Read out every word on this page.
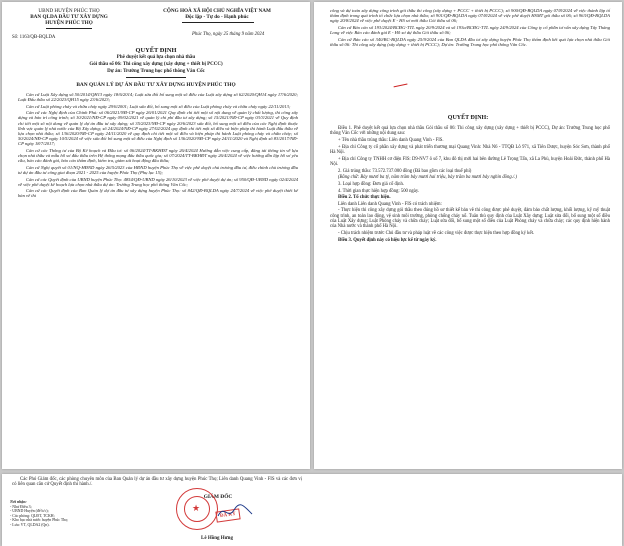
UBND HUYỆN PHÚC THỌ
BAN QLDA ĐẦU TƯ XÂY DỰNG
HUYỆN PHÚC THỌ
CỘNG HOÀ XÃ HỘI CHỦ NGHĨA VIỆT NAM
Độc lập - Tự do - Hạnh phúc
Số: 1163/QĐ-BQLDA
Phúc Thọ, ngày 25 tháng 9 năm 2024
QUYẾT ĐỊNH
Phê duyệt kết quả lựa chọn nhà thầu
Gói thầu số 06: Thi công xây dựng (xây dựng + thiết bị PCCC)
Dự án: Trường Trung học phổ thông Vân Cốc
BAN QUẢN LÝ DỰ ÁN ĐẦU TƯ XÂY DỰNG HUYỆN PHÚC THỌ

Căn cứ Luật Xây dựng số 50/2014/QH13 ngày 18/6/2014; Luật sửa đổi bổ sung một số điều của Luật xây dựng số 62/2020/QH14 ngày 17/6/2020; Luật Đấu thầu số 22/2023/QH15 ngày 23/6/2023;

Căn cứ Luật phòng cháy và chữa cháy ngày 29/6/2001; Luật sửa đổi, bổ sung một số điều của Luật phòng cháy và chữa cháy ngày 22/11/2013;

Căn cứ các Nghị định của Chính Phủ: số 06/2021/NĐ-CP ngày 26/01/2021 Quy định chi tiết một số nội dung về quản lý chất lượng, thi công xây dựng và bảo trì công trình; số 10/2021/NĐ-CP ngày 09/02/2021 về quản lý chi phí đầu tư xây dựng; số 15/2021/NĐ-CP ngày 03/3/2021 về Quy định chi tiết một số nội dung về quản lý dự án đầu tư xây dựng; số 35/2023/NĐ-CP ngày 20/6/2023 sửa đổi, bổ sung một số điều của các Nghị định thuộc lĩnh vực quản lý nhà nước của Bộ Xây dựng; số 24/2024/NĐ-CP ngày 27/02/2024 quy định chi tiết một số điều và biện pháp thi hành Luật đấu thầu về lựa chọn nhà thầu; số 136/2020/NĐ-CP ngày 24/11/2020 về quy định chi tiết một số điều và biện pháp thi hành Luật phòng cháy và chữa cháy; số 50/2024/NĐ-CP ngày 10/5/2024 về việc sửa đổi bổ sung một số điều của Nghị định số 136/2020/NĐ-CP ngày 24/11/2020 và Nghị định số 83/2017/NĐ-CP ngày 18/7/2017;

Căn cứ các Thông tư của Bộ Kế hoạch và Đầu tư: số 06/2024/TT-BKHĐT ngày 26/4/2024 Hướng dẫn việc cung cấp, đăng tải thông tin về lựa chọn nhà thầu và mẫu hồ sơ đấu thầu trên Hệ thống mạng đấu thầu quốc gia; số 07/2024/TT-BKHĐT ngày 26/4/2024 về việc hướng dẫn lập hồ sơ yêu cầu, báo cáo đánh giá, báo cáo thẩm định, kiểm tra, giám sát hoạt động đấu thầu;

Căn cứ Nghị quyết số 01/NQ-HĐND ngày 26/5/2023 của HĐND huyện Phúc Thọ về việc phê duyệt chủ trương đầu tư, điều chỉnh chủ trương đầu tư dự án đầu tư công giai đoạn 2021 - 2025 của huyện Phúc Thọ (Phụ lục 15);

Căn cứ các Quyết định của UBND huyện Phúc Thọ: 4854/QĐ-UBND ngày 26/10/2023 về việc phê duyệt dự án; số 950/QĐ-UBND ngày 02/4/2024 về việc phê duyệt kế hoạch lựa chọn nhà thầu dự án: Trường Trung học phổ thông Vân Cốc;

Căn cứ các Quyết định của Ban Quản lý dự án đầu tư xây dựng huyện Phúc Thọ: số 842/QĐ-BQLDA ngày 24/7/2024 về việc phê duyệt thiết kế bản vẽ thi

công và dự toán xây dựng công trình gói thầu thi công (xây dựng + PCCC + thiết bị PCCC); số 900/QĐ-BQLDA ngày 07/8/2024 về việc thành lập tổ thẩm định trong quá trình tổ chức lựa chọn nhà thầu; số 901/QĐ-BQLDA ngày 07/8/2024 về việc phê duyệt HSMT gói thầu số 06; số 963/QĐ-BQLDA ngày 20/8/2024 về việc phê duyệt E - Hồ sơ mời thầu Gói thầu số 06;

Căn cứ Báo cáo số 193/2024/BCĐG-TTL ngày 20/9/2024 và số 193a/BCĐG-TTL ngày 24/9/2024 của Công ty cổ phần tư vấn xây dựng Tây Thăng Long về việc Báo cáo đánh giá E - Hồ sơ dự thầu Gói thầu số 06;

Căn cứ Báo cáo số 340/BC-BQLDA ngày 25/9/2024 của Ban QLDA đầu tư xây dựng huyện Phúc Thọ thẩm định kết quả lựa chọn nhà thầu Gói thầu số 06: Thi công xây dựng (xây dựng + thiết bị PCCC); Dự án: Trường Trung học phổ thông Vân Cốc.

QUYẾT ĐỊNH:

Điều 1. Phê duyệt kết quả lựa chọn nhà thầu Gói thầu số 06: Thi công xây dựng (xây dựng + thiết bị PCCC), Dự án: Trường Trung học phổ thông Vân Cốc với những nội dung sau:

+ Tên nhà thầu trúng thầu: Liên danh Quang Vinh - FIS.

+ Địa chỉ Công ty cổ phần xây dựng và phát triển thương mại Quang Vinh: Nhà N6 - TTQĐ Lô 971, xã Tiên Dược, huyện Sóc Sơn, thành phố Hà Nội.

+ Địa chỉ Công ty TNHH cơ điện FIS: D9-NV7 ô số 7, khu đô thị mới hai bên đường Lê Trọng Tấn, xã La Phù, huyện Hoài Đức, thành phố Hà Nội.

2. Giá trúng thầu: 73.572.737.000 đồng (Đã bao gồm các loại thuế phí)

(Bằng chữ: Bảy mươi ba tỷ, năm trăm bảy mươi hai triệu, bảy trăm ba mươi bảy nghìn đồng./.)

3. Loại hợp đồng: Đơn giá cố định.

4. Thời gian thực hiện hợp đồng: 500 ngày.

Điều 2. Tổ chức thực hiện.

Liên danh Liên danh Quang Vinh - FIS có trách nhiệm:

- Thực hiện thi công xây dựng gói thầu theo đúng hồ sơ thiết kế bản vẽ thi công được phê duyệt, đảm bảo chất lượng, khối lượng, kỹ mỹ thuật công trình, an toàn lao động, vệ sinh môi trường, phòng chống cháy nổ. Tuân thủ quy định của Luật Xây dựng; Luật sửa đổi, bổ sung một số điều của Luật Xây dựng; Luật Phòng cháy và chữa cháy; Luật sửa đổi, bổ sung một số điều của Luật Phòng cháy và chữa cháy; các quy định hiện hành của Nhà nước và thành phố Hà Nội.

- Chịu trách nhiệm trước Chủ đầu tư và pháp luật về các công việc được thực hiện theo hợp đồng ký kết.

Điều 3. Quyết định này có hiệu lực kể từ ngày ký.

Các Phó Giám đốc, các phòng chuyên môn của Ban Quản lý dự án đầu tư xây dựng huyện Phúc Thọ; Liên danh Quang Vinh - FIS và các đơn vị có liên quan căn cứ Quyết định thi hành./.

Nơi nhận:
- Như Điều 3;
- UBND Huyện (để b/c);
- Các phòng: QLĐT, TCKH;
- Kho bạc nhà nước huyện Phúc Thọ;
- Lưu: VT, QLDA2 (Qn).
GIÁM ĐỐC
★
ĐÃ KÝ
Lê Hồng Hưng
